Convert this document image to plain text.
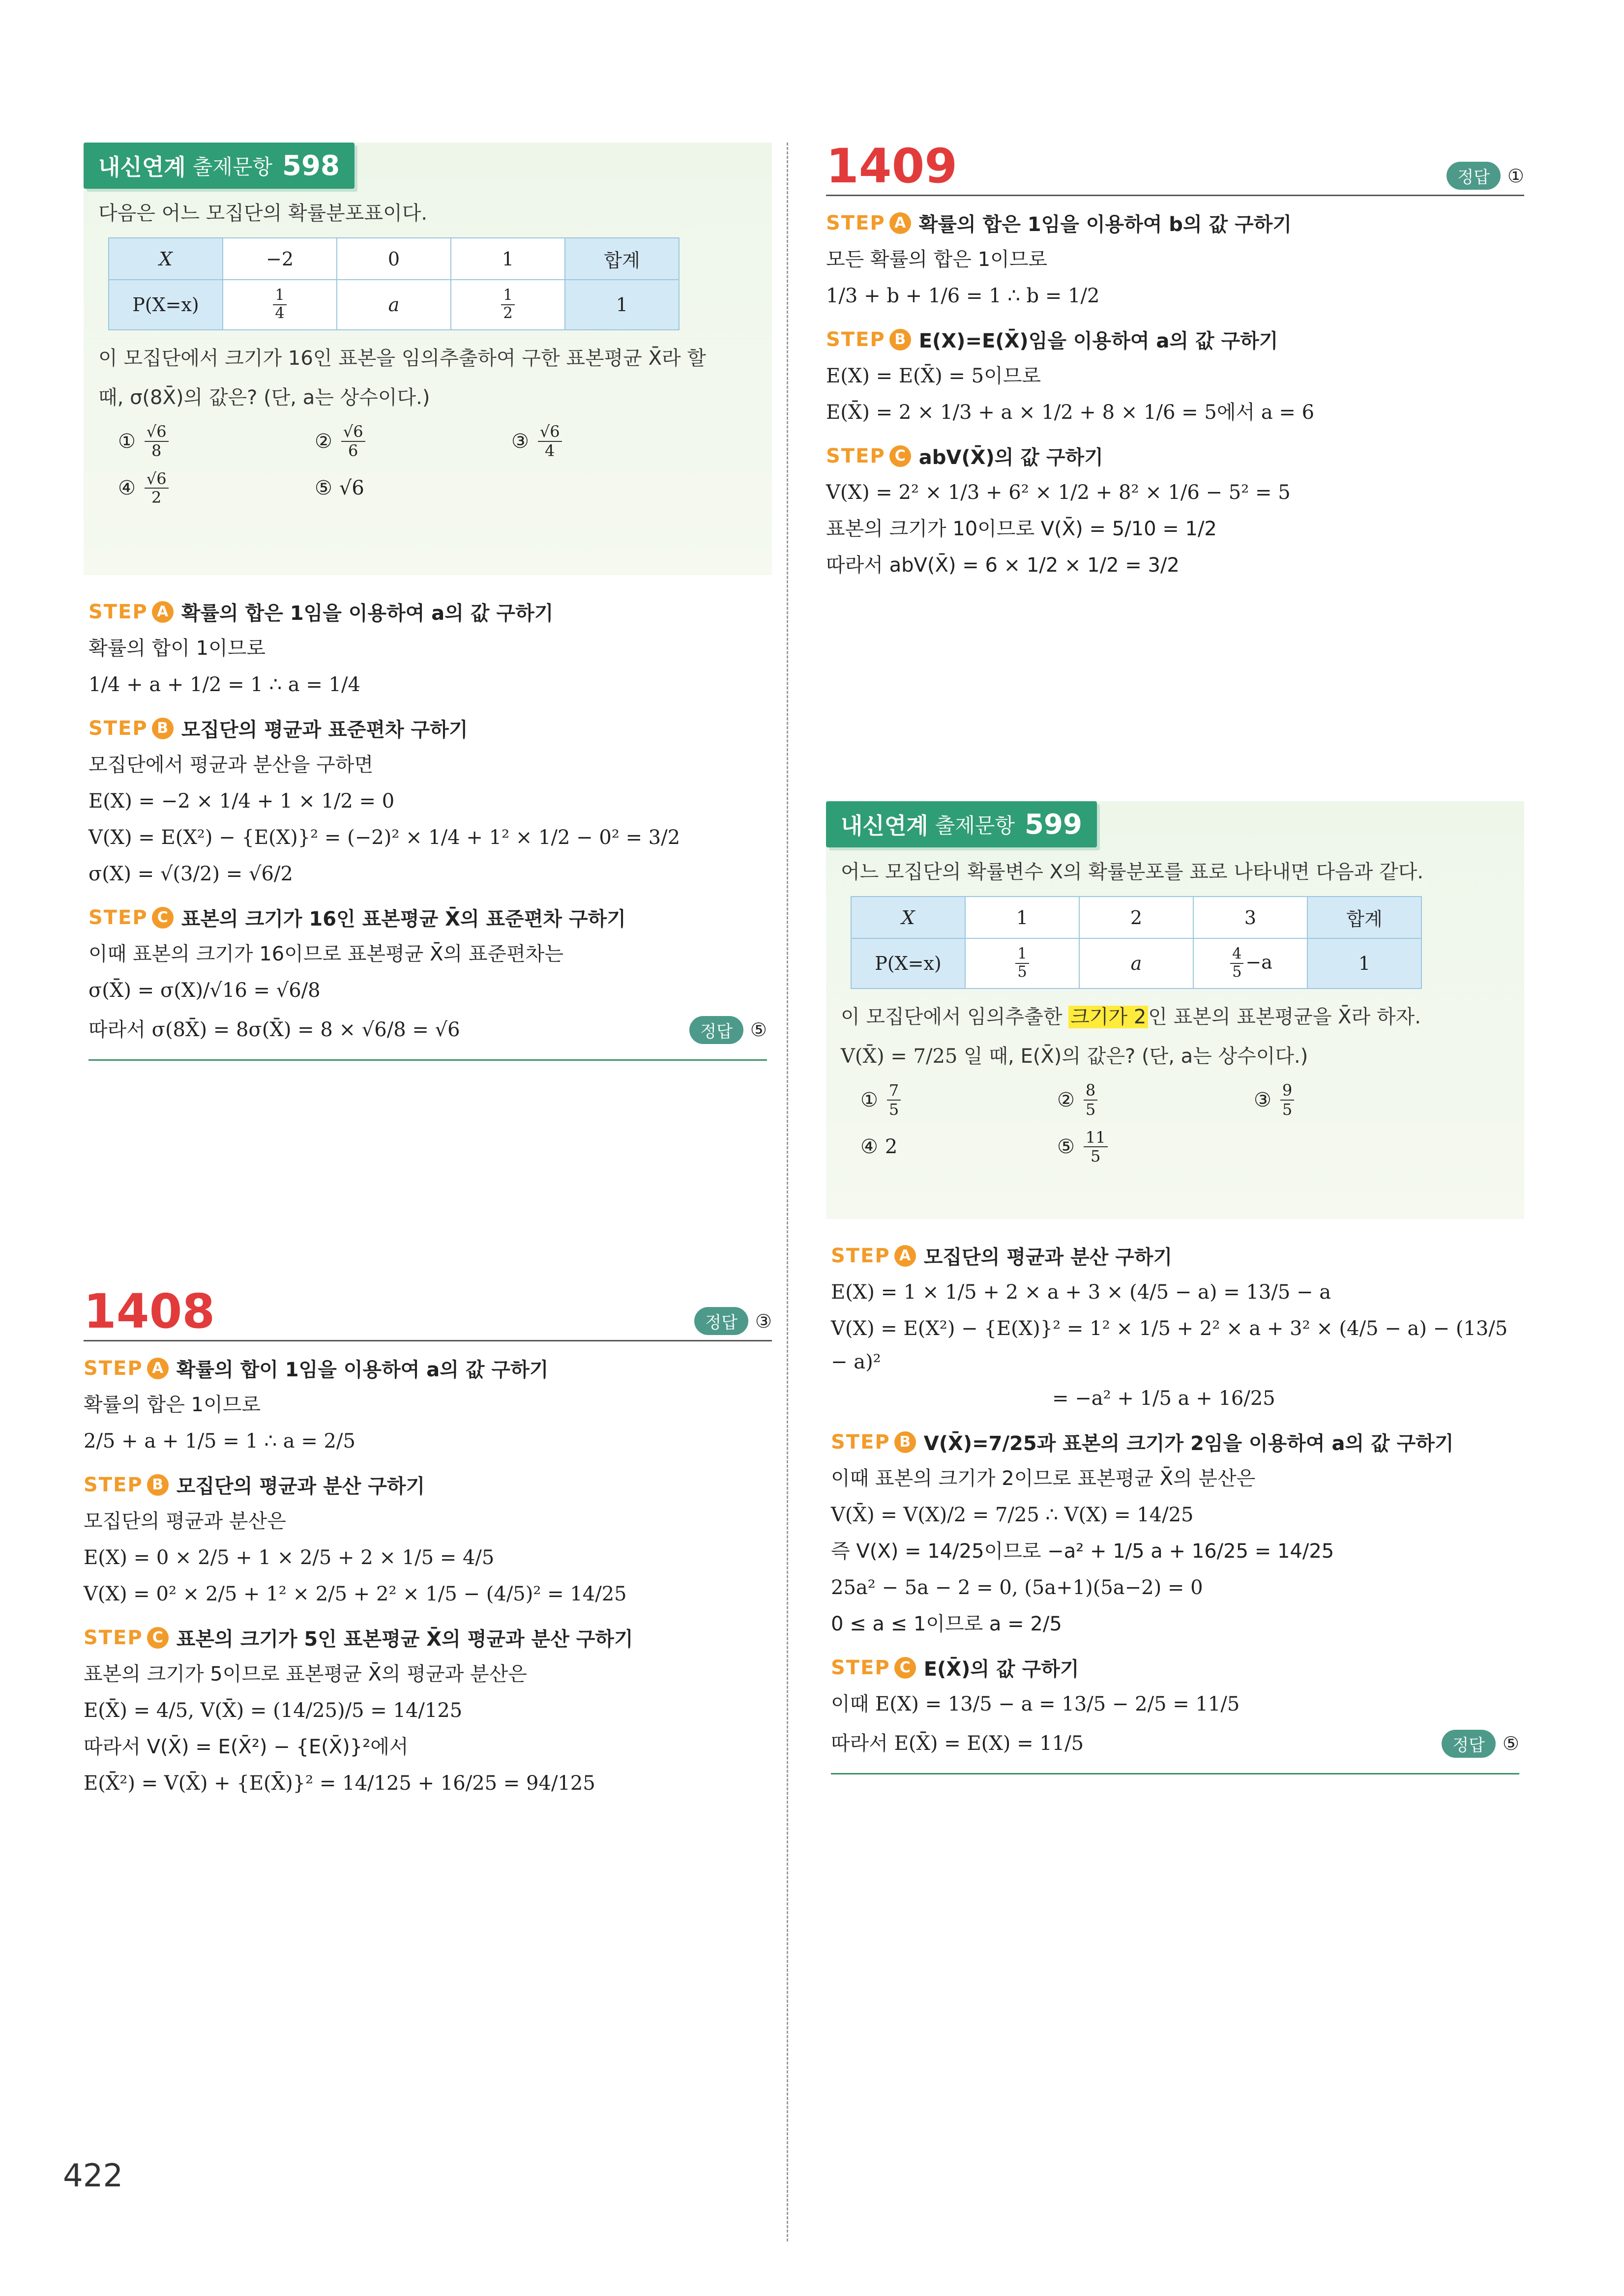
내신연계 출제문항 598
다음은 어느 모집단의 확률분포표이다.
X	−2	0	1	합계
P(X=x)	$\frac{1}{4}$	a	$\frac{1}{2}$	1
이 모집단에서 크기가 16인 표본을 임의추출하여 구한 표본평균 X̄라 할
때, σ(8X̄)의 값은? (단, a는 상수이다.)
① $\frac{√6}{8}$	② $\frac{√6}{6}$	③ $\frac{√6}{4}$
④ $\frac{√6}{2}$	⑤ √6
STEP A 확률의 합은 1임을 이용하여 a의 값 구하기
확률의 합이 1이므로
1/4 + a + 1/2 = 1 ∴ a = 1/4
STEP B 모집단의 평균과 표준편차 구하기
모집단에서 평균과 분산을 구하면
E(X) = −2 × 1/4 + 1 × 1/2 = 0
V(X) = E(X²) − {E(X)}² = (−2)² × 1/4 + 1² × 1/2 − 0² = 3/2
σ(X) = √(3/2) = √6/2
STEP C 표본의 크기가 16인 표본평균 X̄의 표준편차 구하기
이때 표본의 크기가 16이므로 표본평균 X̄의 표준편차는
σ(X̄) = σ(X)/√16 = √6/8
따라서 σ(8X̄) = 8σ(X̄) = 8 × √6/8 = √6	정답 ⑤
1408	정답 ③
STEP A 확률의 합이 1임을 이용하여 a의 값 구하기
확률의 합은 1이므로
2/5 + a + 1/5 = 1 ∴ a = 2/5
STEP B 모집단의 평균과 분산 구하기
모집단의 평균과 분산은
E(X) = 0 × 2/5 + 1 × 2/5 + 2 × 1/5 = 4/5
V(X) = 0² × 2/5 + 1² × 2/5 + 2² × 1/5 − (4/5)² = 14/25
STEP C 표본의 크기가 5인 표본평균 X̄의 평균과 분산 구하기
표본의 크기가 5이므로 표본평균 X̄의 평균과 분산은
E(X̄) = 4/5, V(X̄) = (14/25)/5 = 14/125
따라서 V(X̄) = E(X̄²) − {E(X̄)}²에서
E(X̄²) = V(X̄) + {E(X̄)}² = 14/125 + 16/25 = 94/125
1409	정답 ①
STEP A 확률의 합은 1임을 이용하여 b의 값 구하기
모든 확률의 합은 1이므로
1/3 + b + 1/6 = 1 ∴ b = 1/2
STEP B E(X)=E(X̄)임을 이용하여 a의 값 구하기
E(X) = E(X̄) = 5이므로
E(X̄) = 2 × 1/3 + a × 1/2 + 8 × 1/6 = 5에서 a = 6
STEP C abV(X̄)의 값 구하기
V(X) = 2² × 1/3 + 6² × 1/2 + 8² × 1/6 − 5² = 5
표본의 크기가 10이므로 V(X̄) = 5/10 = 1/2
따라서 abV(X̄) = 6 × 1/2 × 1/2 = 3/2
내신연계 출제문항 599
어느 모집단의 확률변수 X의 확률분포를 표로 나타내면 다음과 같다.
X	1	2	3	합계
P(X=x)	$\frac{1}{5}$	a	$\frac{4}{5} -a$	1
이 모집단에서 임의추출한 크기가 2 인 표본의 표본평균을 X̄라 하자.
V(X̄) = 7/25 일 때, E(X̄)의 값은? (단, a는 상수이다.)
① $\frac{7}{5}$	② $\frac{8}{5}$	③ $\frac{9}{5}$
④ 2	⑤ $\frac{11}{5}$
STEP A 모집단의 평균과 분산 구하기
E(X) = 1 × 1/5 + 2 × a + 3 × (4/5 − a) = 13/5 − a
V(X) = E(X²) − {E(X)}² = 1² × 1/5 + 2² × a + 3² × (4/5 − a) − (13/5 − a)²
= −a² + 1/5 a + 16/25
STEP B V(X̄)=7/25과 표본의 크기가 2임을 이용하여 a의 값 구하기
이때 표본의 크기가 2이므로 표본평균 X̄의 분산은
V(X̄) = V(X)/2 = 7/25 ∴ V(X) = 14/25
즉 V(X) = 14/25이므로 −a² + 1/5 a + 16/25 = 14/25
25a² − 5a − 2 = 0, (5a+1)(5a−2) = 0
0 ≤ a ≤ 1이므로 a = 2/5
STEP C E(X̄)의 값 구하기
이때 E(X) = 13/5 − a = 13/5 − 2/5 = 11/5
따라서 E(X̄) = E(X) = 11/5	정답 ⑤
422
